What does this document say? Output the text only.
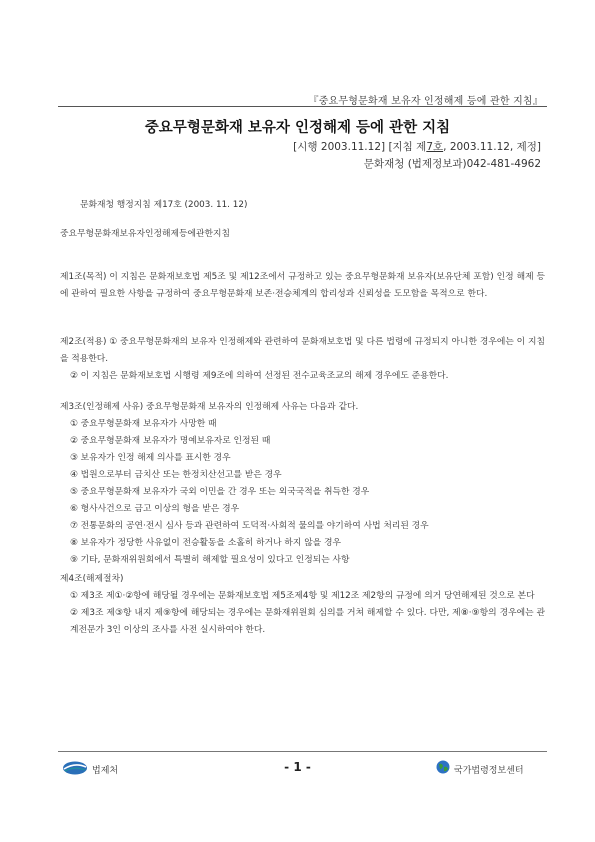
『중요무형문화재 보유자 인정해제 등에 관한 지침』
중요무형문화재 보유자 인정해제 등에 관한 지침
[시행 2003.11.12] [지침 제7호, 2003.11.12, 제정]
문화재청 (법제정보과)042-481-4962
문화재청 행정지침 제17호 (2003. 11. 12)
중요무형문화재보유자인정해제등에관한지침
제1조(목적) 이 지침은 문화재보호법 제5조 및 제12조에서 규정하고 있는 중요무형문화재 보유자(보유단체 포함) 인정 해제 등에 관하여 필요한 사항을 규정하여 중요무형문화재 보존·전승체계의 합리성과 신뢰성을 도모함을 목적으로 한다.
제2조(적용) ① 중요무형문화재의 보유자 인정해제와 관련하여 문화재보호법 및 다른 법령에 규정되지 아니한 경우에는 이 지침을 적용한다.
② 이 지침은 문화재보호법 시행령 제9조에 의하여 선정된 전수교육조교의 해제 경우에도 준용한다.
제3조(인정해제 사유) 중요무형문화재 보유자의 인정해제 사유는 다음과 같다.
① 중요무형문화재 보유자가 사망한 때
② 중요무형문화재 보유자가 명예보유자로 인정된 때
③ 보유자가 인정 해제 의사를 표시한 경우
④ 법원으로부터 금치산 또는 한정치산선고를 받은 경우
⑤ 중요무형문화재 보유자가 국외 이민을 간 경우 또는 외국국적을 취득한 경우
⑥ 형사사건으로 금고 이상의 형을 받은 경우
⑦ 전통문화의 공연·전시 심사 등과 관련하여 도덕적·사회적 물의를 야기하여 사법 처리된 경우
⑧ 보유자가 정당한 사유없이 전승활동을 소홀히 하거나 하지 않을 경우
⑨ 기타, 문화재위원회에서 특별히 해제할 필요성이 있다고 인정되는 사항
제4조(해제절차)
① 제3조 제①·②항에 해당될 경우에는 문화재보호법 제5조제4항 및 제12조 제2항의 규정에 의거 당연해제된 것으로 본다
② 제3조 제③항 내지 제⑨항에 해당되는 경우에는 문화재위원회 심의를 거쳐 해제할 수 있다. 다만, 제⑧·⑨항의 경우에는 관계전문가 3인 이상의 조사를 사전 실시하여야 한다.
법제처	- 1 -	국가법령정보센터
